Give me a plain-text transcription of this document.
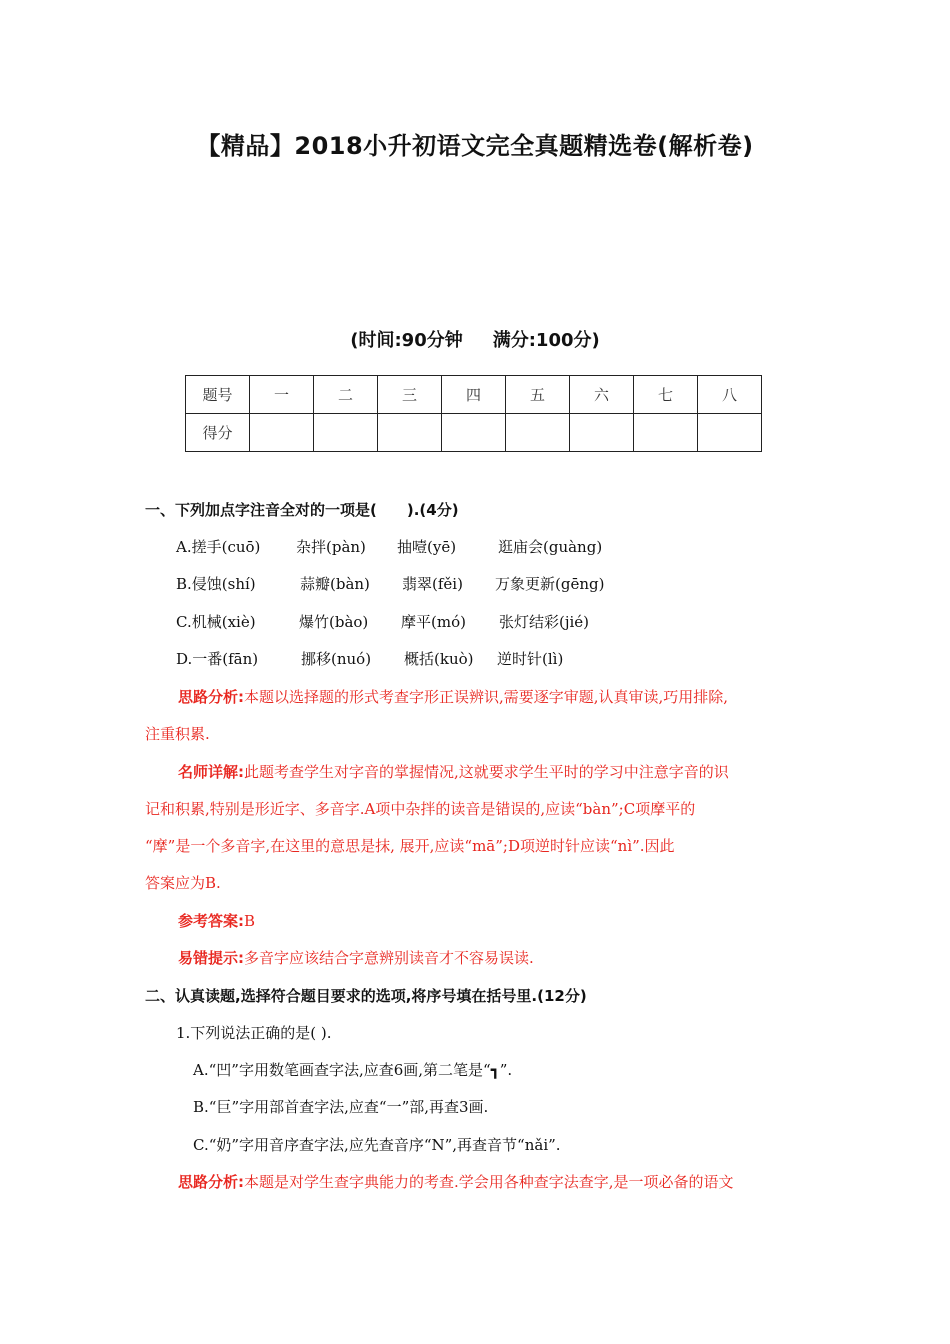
【精品】2018小升初语文完全真题精选卷(解析卷)
(时间:90分钟 满分:100分)
题号	一	二	三	四	五	六	七	八
得分								
一、下列加点字注音全对的一项是(　　).(4分)
A.搓手(cuō) 杂拌(pàn) 抽噎(yē)	逛庙会(guàng)
B.侵蚀(shí)	蒜瓣(bàn) 翡翠(fěi) 万象更新(gēng)
C.机械(xiè)	爆竹(bào) 摩平(mó) 张灯结彩(jié)
D.一番(fān)	挪移(nuó) 概括(kuò) 逆时针(lì)
思路分析:本题以选择题的形式考查字形正误辨识,需要逐字审题,认真审读,巧用排除,
注重积累.
名师详解:此题考查学生对字音的掌握情况,这就要求学生平时的学习中注意字音的识
记和积累,特别是形近字、多音字.A项中杂拌的读音是错误的,应读“bàn”;C项摩平的
“摩”是一个多音字,在这里的意思是抹, 展开,应读“mā”;D项逆时针应读“nì”.因此
答案应为B.
参考答案:B
易错提示:多音字应该结合字意辨别读音才不容易误读.
二、认真读题,选择符合题目要求的选项,将序号填在括号里.(12分)
1.下列说法正确的是( ).
A.“凹”字用数笔画查字法,应查6画,第二笔是“┓”.
B.“巨”字用部首查字法,应查“一”部,再查3画.
C.“奶”字用音序查字法,应先查音序“N”,再查音节“nǎi”.
思路分析:本题是对学生查字典能力的考查.学会用各种查字法查字,是一项必备的语文
